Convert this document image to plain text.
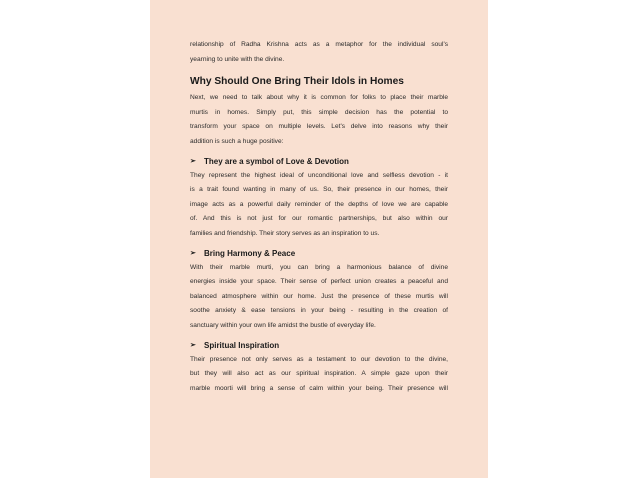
relationship of Radha Krishna acts as a metaphor for the individual soul's
yearning to unite with the divine.

Why Should One Bring Their Idols in Homes

Next, we need to talk about why it is common for folks to place their marble
murtis in homes. Simply put, this simple decision has the potential to
transform your space on multiple levels. Let's delve into reasons why their
addition is such a huge positive:

➢ They are a symbol of Love & Devotion

They represent the highest ideal of unconditional love and selfless devotion - it
is a trait found wanting in many of us. So, their presence in our homes, their
image acts as a powerful daily reminder of the depths of love we are capable
of. And this is not just for our romantic partnerships, but also within our
families and friendship. Their story serves as an inspiration to us.

➢ Bring Harmony & Peace

With their marble murti, you can bring a harmonious balance of divine
energies inside your space. Their sense of perfect union creates a peaceful and
balanced atmosphere within our home. Just the presence of these murtis will
soothe anxiety & ease tensions in your being - resulting in the creation of
sanctuary within your own life amidst the bustle of everyday life.

➢ Spiritual Inspiration

Their presence not only serves as a testament to our devotion to the divine,
but they will also act as our spiritual inspiration. A simple gaze upon their
marble moorti will bring a sense of calm within your being. Their presence will
